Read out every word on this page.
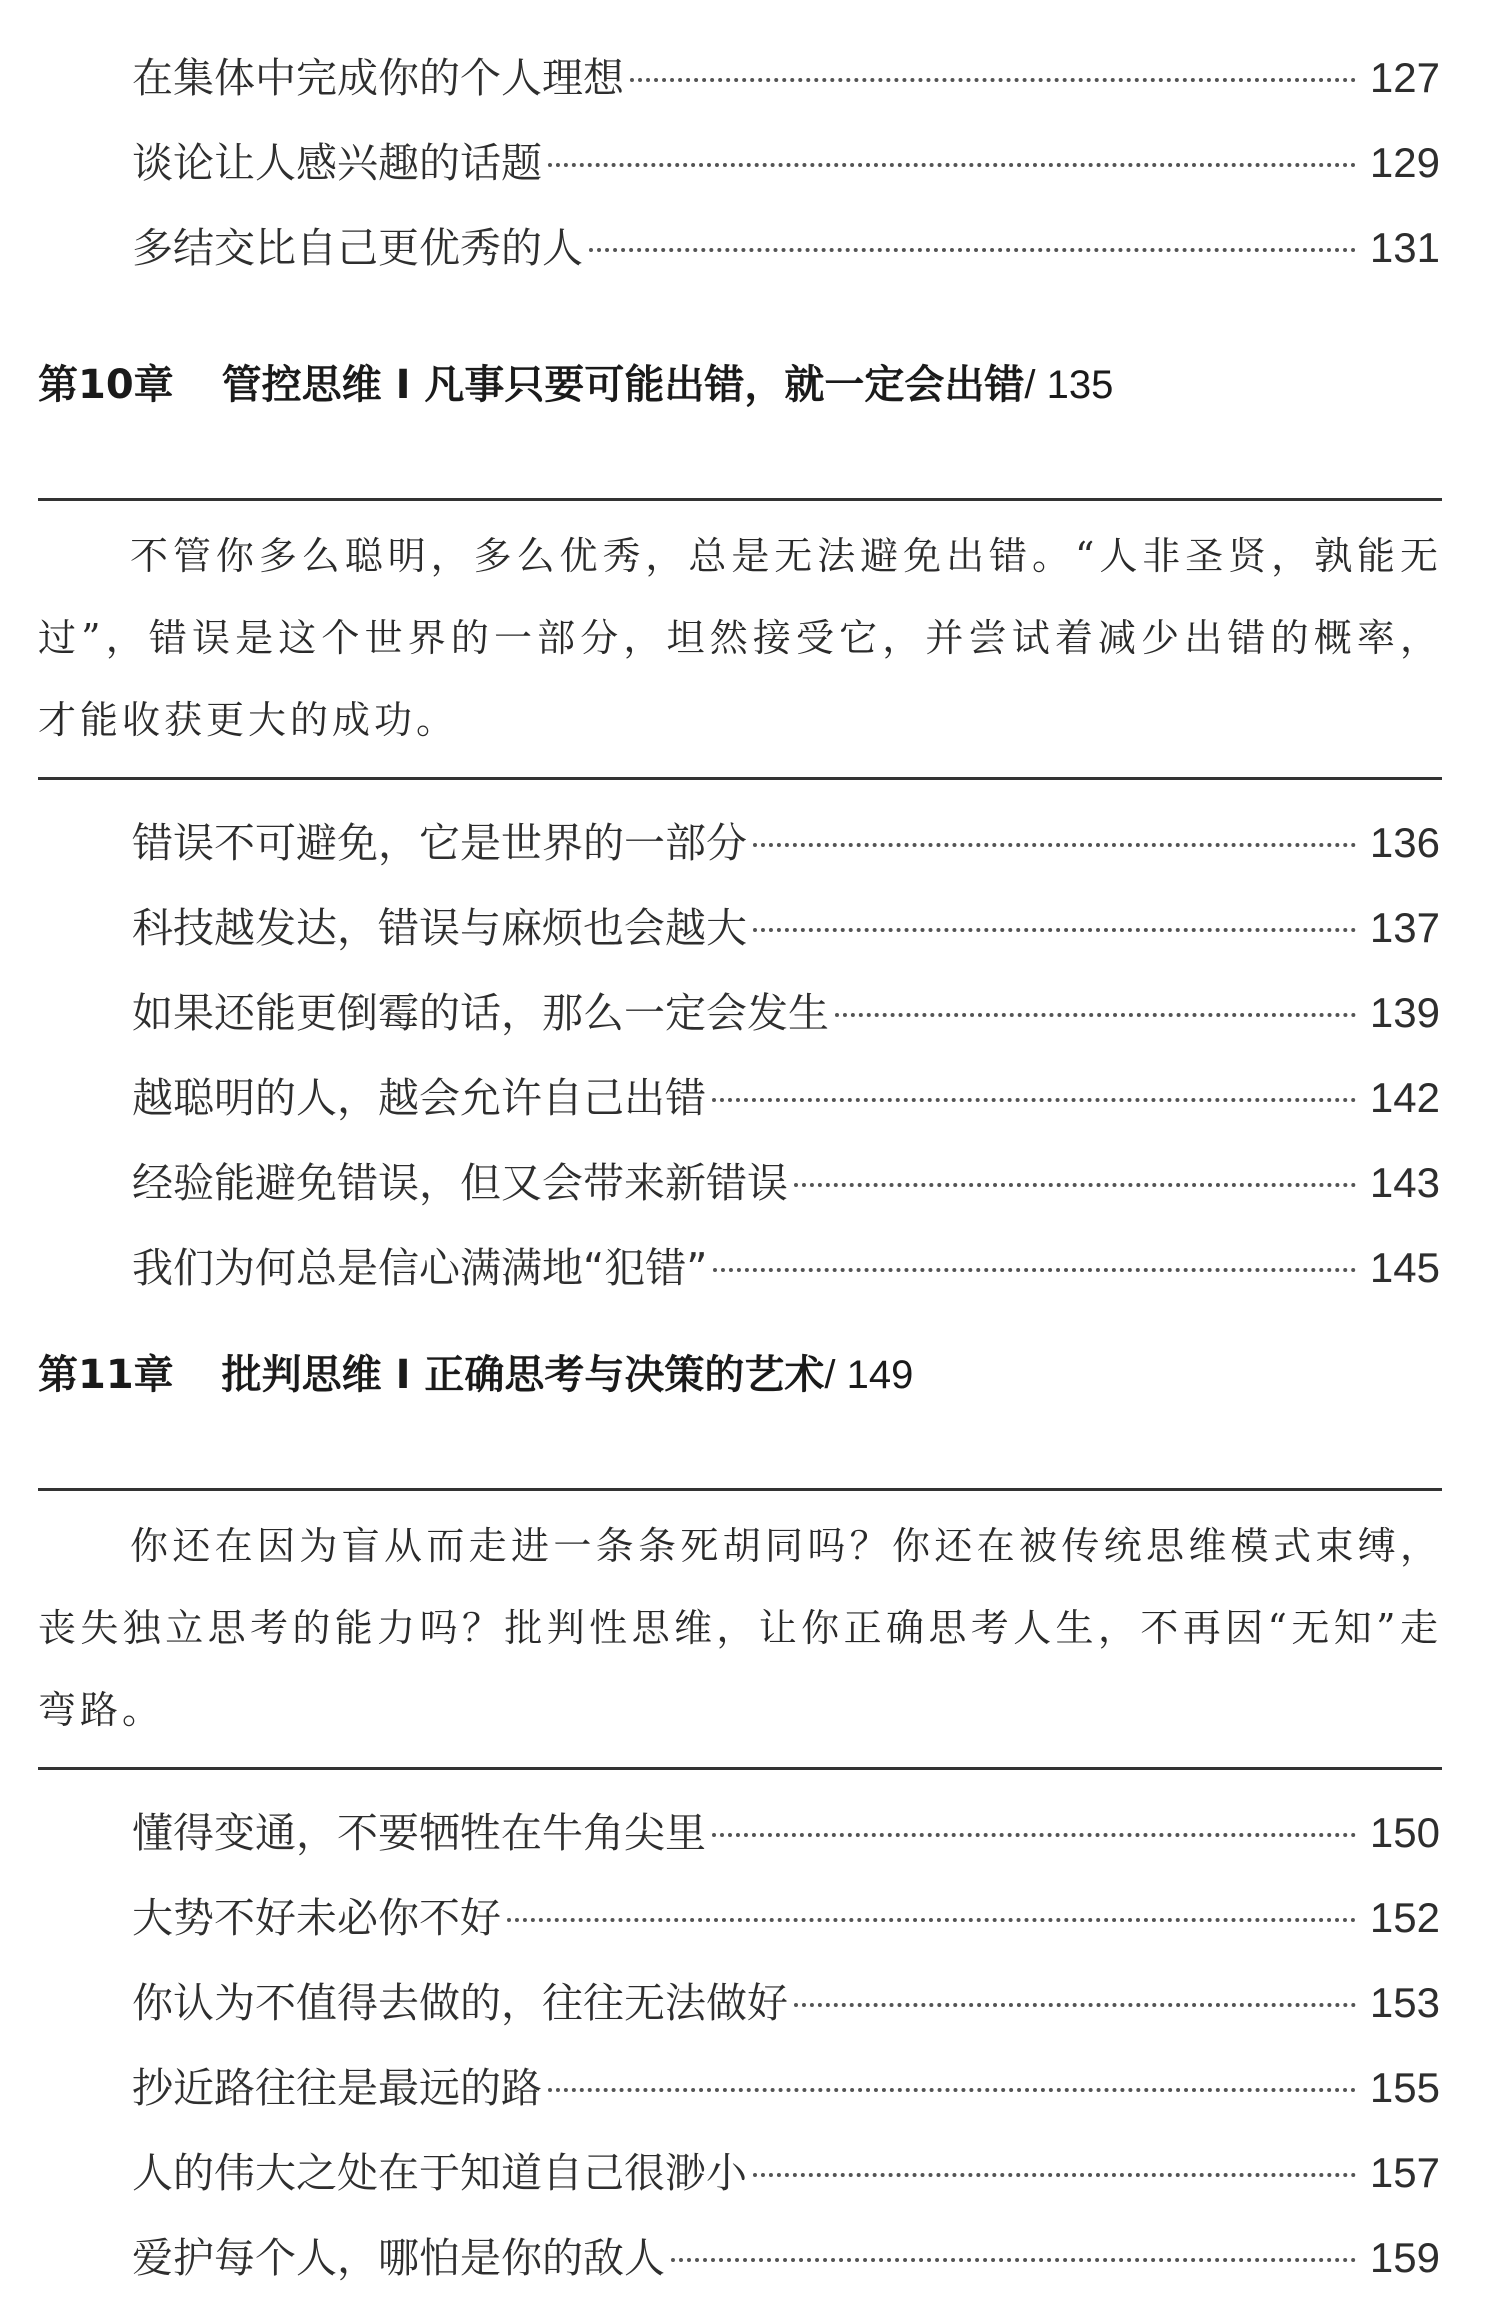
在集体中完成你的个人理想	127
谈论让人感兴趣的话题	129
多结交比自己更优秀的人	131
第10章 管控思维 I 凡事只要可能出错，就一定会出错/ 135

不管你多么聪明，多么优秀，总是无法避免出错。“人非圣贤，孰能无过”，错误是这个世界的一部分，坦然接受它，并尝试着减少出错的概率，才能收获更大的成功。

错误不可避免，它是世界的一部分	136
科技越发达，错误与麻烦也会越大	137
如果还能更倒霉的话，那么一定会发生	139
越聪明的人，越会允许自己出错	142
经验能避免错误，但又会带来新错误	143
我们为何总是信心满满地“犯错”	145
第11章 批判思维 I 正确思考与决策的艺术/ 149

你还在因为盲从而走进一条条死胡同吗？你还在被传统思维模式束缚，丧失独立思考的能力吗？批判性思维，让你正确思考人生，不再因“无知”走弯路。

懂得变通，不要牺牲在牛角尖里	150
大势不好未必你不好	152
你认为不值得去做的，往往无法做好	153
抄近路往往是最远的路	155
人的伟大之处在于知道自己很渺小	157
爱护每个人，哪怕是你的敌人	159
